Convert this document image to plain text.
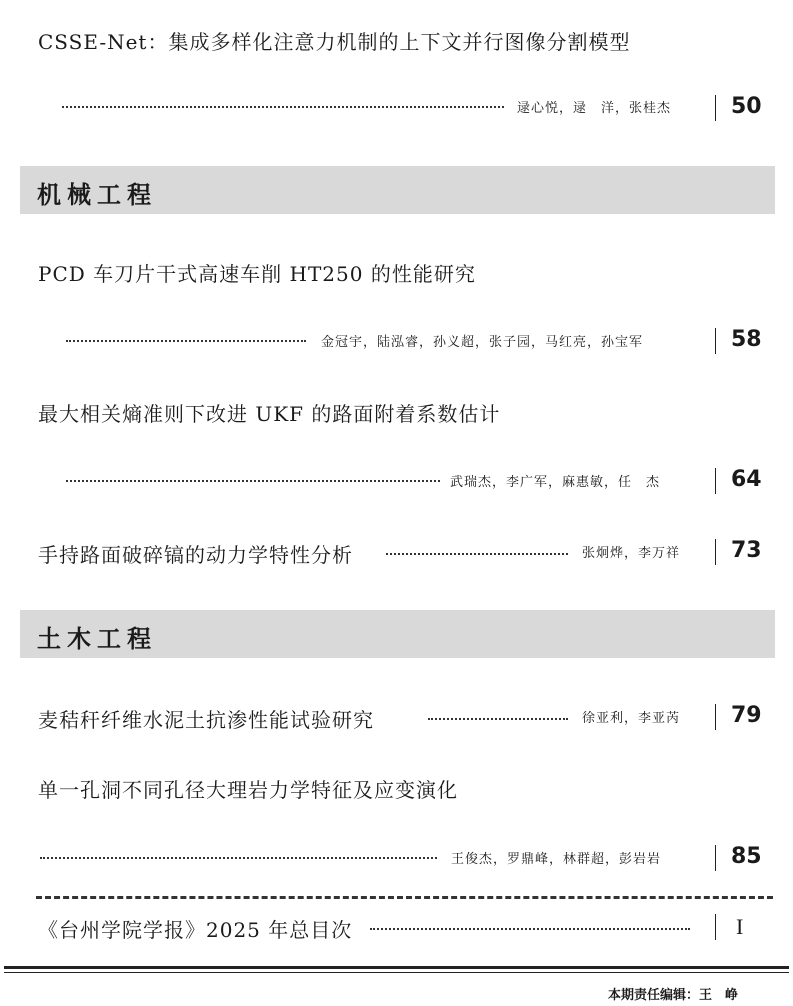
CSSE-Net：集成多样化注意力机制的上下文并行图像分割模型
逯心悦，逯　洋，张桂杰	50
机械工程
PCD 车刀片干式高速车削 HT250 的性能研究
金冠宇，陆泓睿，孙义超，张子园，马红亮，孙宝军	58
最大相关熵准则下改进 UKF 的路面附着系数估计
武瑞杰，李广军，麻惠敏，任　杰	64
手持路面破碎镐的动力学特性分析	张炯烨，李万祥 73
土木工程
麦秸秆纤维水泥土抗渗性能试验研究	徐亚利，李亚芮 79
单一孔洞不同孔径大理岩力学特征及应变演化
王俊杰，罗鼎峰，林群超，彭岩岩	85
《台州学院学报》2025 年总目次	I
本期责任编辑：王　峥
